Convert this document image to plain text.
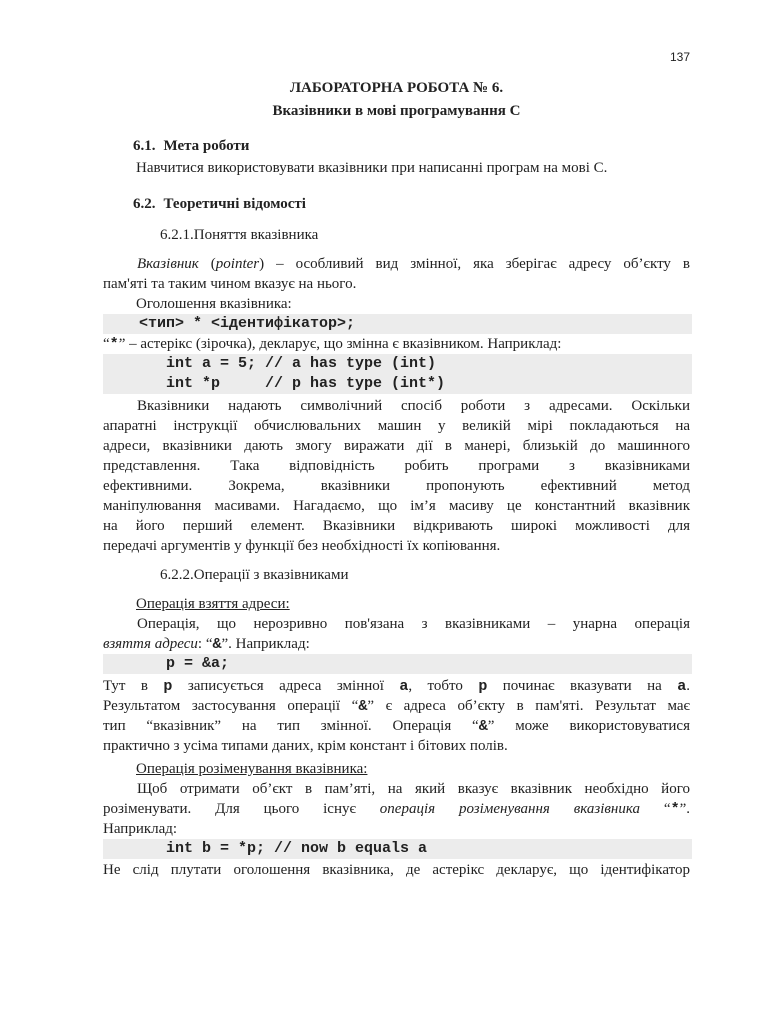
137
ЛАБОРАТОРНА РОБОТА № 6.
Вказівники в мові програмування С
6.1. Мета роботи
Навчитися використовувати вказівники при написанні програм на мові С.
6.2. Теоретичні відомості
6.2.1.Поняття вказівника
Вказівник (pointer) – особливий вид змінної, яка зберігає адресу об’єкту в
пам'яті та таким чином вказує на нього.
Оголошення вказівника:
<тип> * <ідентифікатор>;
“*” – астерікс (зірочка), декларує, що змінна є вказівником. Наприклад:
int a = 5; // a has type (int)
int *p     // p has type (int*)
Вказівники надають символічний спосіб роботи з адресами. Оскільки
апаратні інструкції обчислювальних машин у великій мірі покладаються на
адреси, вказівники дають змогу виражати дії в манері, близькій до машинного
представлення. Така відповідність робить програми з вказівниками
ефективними. Зокрема, вказівники пропонують ефективний метод
маніпулювання масивами. Нагадаємо, що ім’я масиву це константний вказівник
на його перший елемент. Вказівники відкривають широкі можливості для
передачі аргументів у функції без необхідності їх копіювання.
6.2.2.Операції з вказівниками
Операція взяття адреси:
Операція, що нерозривно пов'язана з вказівниками – унарна операція
взяття адреси: “&”. Наприклад:
p = &a;
Тут в p записується адреса змінної a, тобто p починає вказувати на a.
Результатом застосування операції “&” є адреса об’єкту в пам'яті. Результат має
тип “вказівник” на тип змінної. Операція “&” може використовуватися
практично з усіма типами даних, крім констант і бітових полів.
Операція розіменування вказівника:
Щоб отримати об’єкт в пам’яті, на який вказує вказівник необхідно його
розіменувати. Для цього існує операція розіменування вказівника “*”.
Наприклад:
int b = *p; // now b equals a
Не слід плутати оголошення вказівника, де астерікс декларує, що ідентифікатор
